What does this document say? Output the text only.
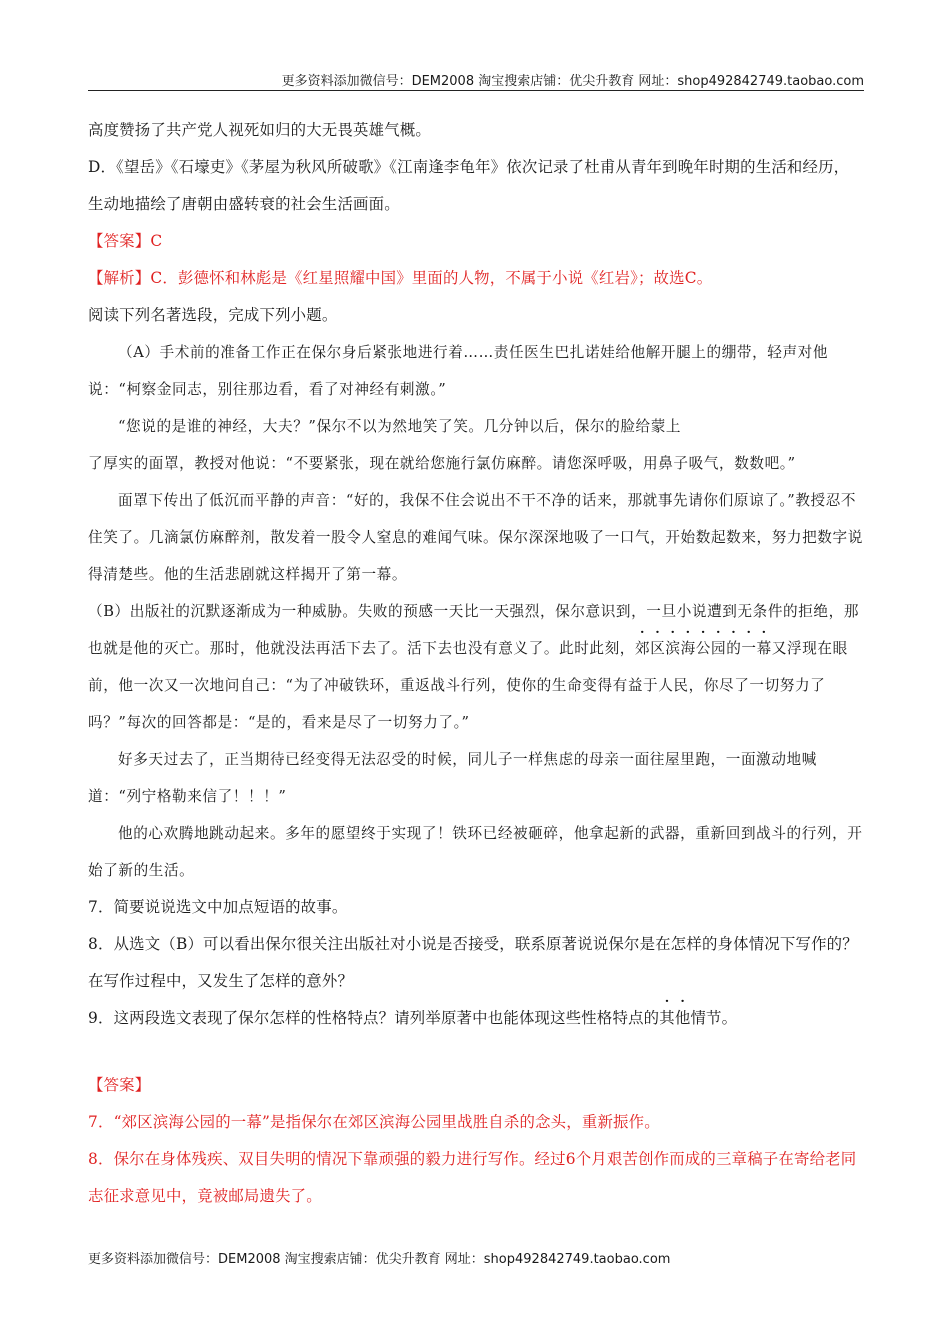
更多资料添加微信号：DEM2008 淘宝搜索店铺：优尖升教育 网址：shop492842749.taobao.com

高度赞扬了共产党人视死如归的大无畏英雄气概。

D．《望岳》《石壕吏》《茅屋为秋风所破歌》《江南逢李龟年》依次记录了杜甫从青年到晚年时期的生活和经历，生动地描绘了唐朝由盛转衰的社会生活画面。

【答案】C

【解析】C．彭德怀和林彪是《红星照耀中国》里面的人物，不属于小说《红岩》；故选C。

阅读下列名著选段，完成下列小题。

（A）手术前的准备工作正在保尔身后紧张地进行着……责任医生巴扎诺娃给他解开腿上的绷带，轻声对他说：“柯察金同志，别往那边看，看了对神经有刺激。”

“您说的是谁的神经，大夫？”保尔不以为然地笑了笑。几分钟以后，保尔的脸给蒙上

了厚实的面罩，教授对他说：“不要紧张，现在就给您施行氯仿麻醉。请您深呼吸，用鼻子吸气，数数吧。”

面罩下传出了低沉而平静的声音：“好的，我保不住会说出不干不净的话来，那就事先请你们原谅了。”教授忍不住笑了。几滴氯仿麻醉剂，散发着一股令人窒息的难闻气味。保尔深深地吸了一口气，开始数起数来，努力把数字说得清楚些。他的生活悲剧就这样揭开了第一幕。

（B）出版社的沉默逐渐成为一种威胁。失败的预感一天比一天强烈，保尔意识到，一旦小说遭到无条件的拒绝，那也就是他的灭亡。那时，他就没法再活下去了。活下去也没有意义了。此时此刻，郊区滨海公园的一幕又浮现在眼前，他一次又一次地问自己：“为了冲破铁环，重返战斗行列，使你的生命变得有益于人民，你尽了一切努力了吗？”每次的回答都是：“是的，看来是尽了一切努力了。”

好多天过去了，正当期待已经变得无法忍受的时候，同儿子一样焦虑的母亲一面往屋里跑，一面激动地喊道：“列宁格勒来信了！！！”

他的心欢腾地跳动起来。多年的愿望终于实现了！铁环已经被砸碎，他拿起新的武器，重新回到战斗的行列，开始了新的生活。

7．简要说说选文中加点短语的故事。

8．从选文（B）可以看出保尔很关注出版社对小说是否接受，联系原著说说保尔是在怎样的身体情况下写作的？在写作过程中，又发生了怎样的意外？

9．这两段选文表现了保尔怎样的性格特点？请列举原著中也能体现这些性格特点的其他情节。

【答案】

7．“郊区滨海公园的一幕”是指保尔在郊区滨海公园里战胜自杀的念头，重新振作。

8．保尔在身体残疾、双目失明的情况下靠顽强的毅力进行写作。经过6个月艰苦创作而成的三章稿子在寄给老同志征求意见中，竟被邮局遗失了。

更多资料添加微信号：DEM2008 淘宝搜索店铺：优尖升教育 网址：shop492842749.taobao.com
